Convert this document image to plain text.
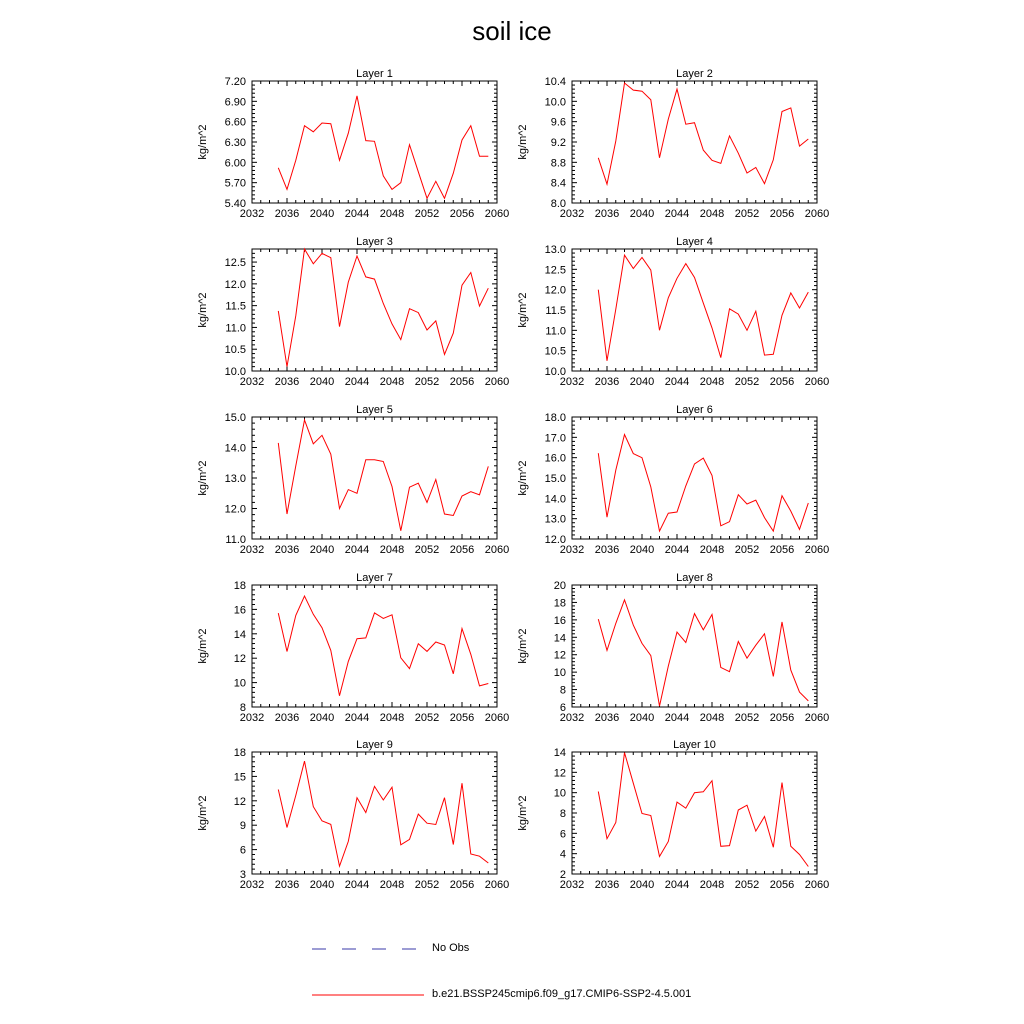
soil ice
Layer 1
2032 2036 2040 2044 2048 2052 2056 2060
5.40
5.70
6.00
6.30
6.60
6.90
7.20
kg/m^2
Layer 2
2032 2036 2040 2044 2048 2052 2056 2060
8.0
8.4
8.8
9.2
9.6
10.0
10.4
kg/m^2
Layer 3
2032 2036 2040 2044 2048 2052 2056 2060
10.0
10.5
11.0
11.5
12.0
12.5
kg/m^2
Layer 4
2032 2036 2040 2044 2048 2052 2056 2060
10.0
10.5
11.0
11.5
12.0
12.5
13.0
kg/m^2
Layer 5
2032 2036 2040 2044 2048 2052 2056 2060
11.0
12.0
13.0
14.0
15.0
kg/m^2
Layer 6
2032 2036 2040 2044 2048 2052 2056 2060
12.0
13.0
14.0
15.0
16.0
17.0
18.0
kg/m^2
Layer 7
2032 2036 2040 2044 2048 2052 2056 2060
8
10
12
14
16
18
kg/m^2
Layer 8
2032 2036 2040 2044 2048 2052 2056 2060
6
8
10
12
14
16
18
20
kg/m^2
Layer 9
2032 2036 2040 2044 2048 2052 2056 2060
3
6
9
12
15
18
kg/m^2
Layer 10
2032 2036 2040 2044 2048 2052 2056 2060
2
4
6
8
10
12
14
kg/m^2
No Obs
b.e21.BSSP245cmip6.f09_g17.CMIP6-SSP2-4.5.001
